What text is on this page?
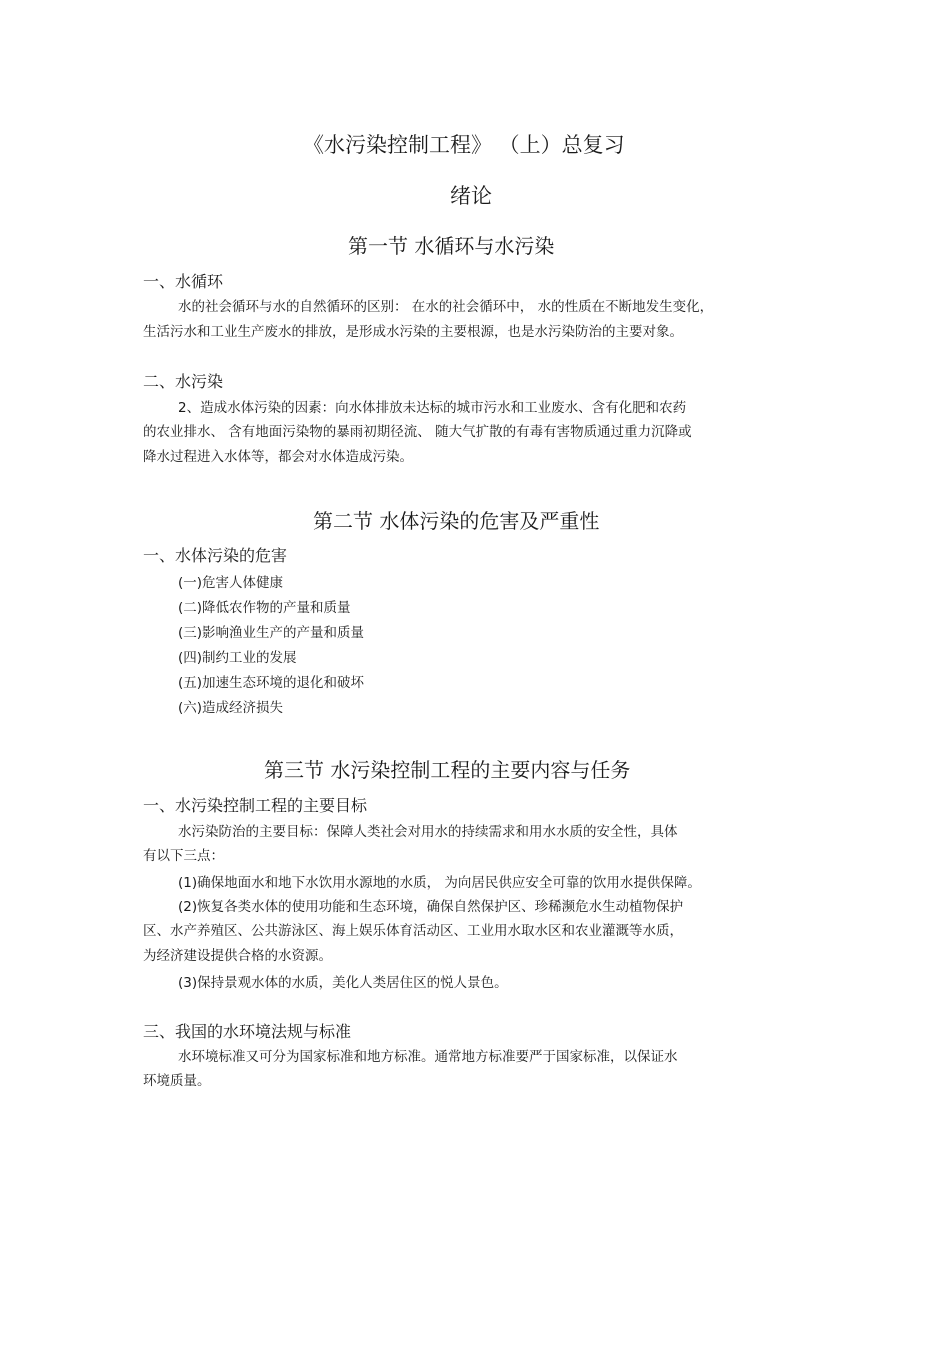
《水污染控制工程》 （上）总复习
绪论
第一节 水循环与水污染
一、水循环
水的社会循环与水的自然循环的区别： 在水的社会循环中， 水的性质在不断地发生变化，
生活污水和工业生产废水的排放，是形成水污染的主要根源，也是水污染防治的主要对象。
二、水污染
2、造成水体污染的因素：向水体排放未达标的城市污水和工业废水、含有化肥和农药
的农业排水、 含有地面污染物的暴雨初期径流、 随大气扩散的有毒有害物质通过重力沉降或
降水过程进入水体等，都会对水体造成污染。
第二节 水体污染的危害及严重性
一、水体污染的危害
(一)危害人体健康
(二)降低农作物的产量和质量
(三)影响渔业生产的产量和质量
(四)制约工业的发展
(五)加速生态环境的退化和破坏
(六)造成经济损失
第三节 水污染控制工程的主要内容与任务
一、水污染控制工程的主要目标
水污染防治的主要目标：保障人类社会对用水的持续需求和用水水质的安全性，具体
有以下三点：
(1)确保地面水和地下水饮用水源地的水质， 为向居民供应安全可靠的饮用水提供保障。
(2)恢复各类水体的使用功能和生态环境，确保自然保护区、珍稀濒危水生动植物保护
区、水产养殖区、公共游泳区、海上娱乐体育活动区、工业用水取水区和农业灌溉等水质，
为经济建设提供合格的水资源。
(3)保持景观水体的水质，美化人类居住区的悦人景色。
三、我国的水环境法规与标准
水环境标准又可分为国家标准和地方标准。通常地方标准要严于国家标准，以保证水
环境质量。
